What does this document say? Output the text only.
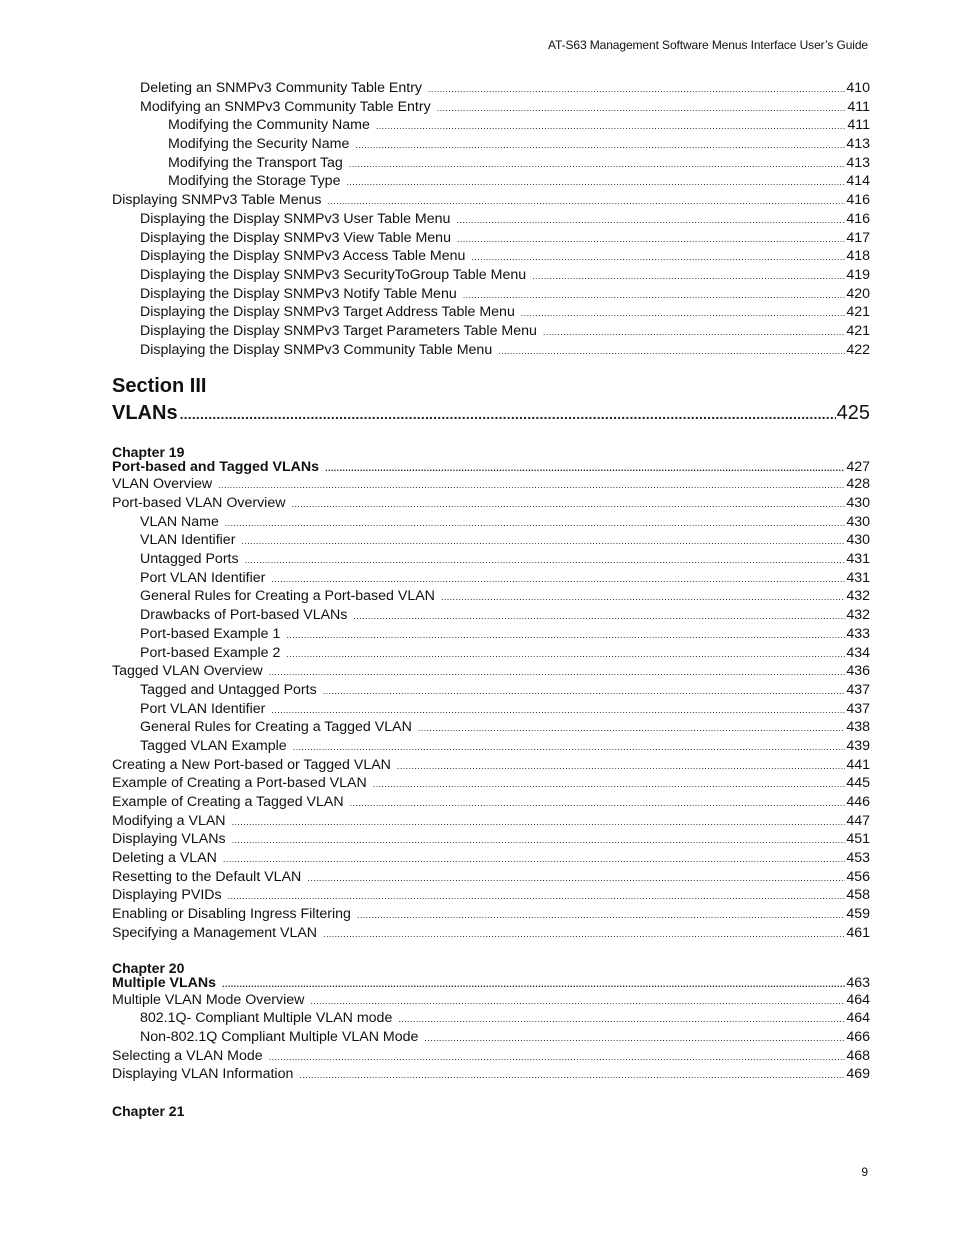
AT-S63 Management Software Menus Interface User’s Guide
Deleting an SNMPv3 Community Table Entry .....	410
Modifying an SNMPv3 Community Table Entry .....	411
Modifying the Community Name .....	411
Modifying the Security Name .....	413
Modifying the Transport Tag .....	413
Modifying the Storage Type .....	414
Displaying SNMPv3 Table Menus .....	416
Displaying the Display SNMPv3 User Table Menu .....	416
Displaying the Display SNMPv3 View Table Menu .....	417
Displaying the Display SNMPv3 Access Table Menu .....	418
Displaying the Display SNMPv3 SecurityToGroup Table Menu .....	419
Displaying the Display SNMPv3 Notify Table Menu .....	420
Displaying the Display SNMPv3 Target Address Table Menu .....	421
Displaying the Display SNMPv3 Target Parameters Table Menu .....	421
Displaying the Display SNMPv3 Community Table Menu .....	422
Section III
VLANs .....	425
Chapter 19
Port-based and Tagged VLANs .....	427
VLAN Overview .....	428
Port-based VLAN Overview .....	430
VLAN Name .....	430
VLAN Identifier .....	430
Untagged Ports .....	431
Port VLAN Identifier .....	431
General Rules for Creating a Port-based VLAN .....	432
Drawbacks of Port-based VLANs .....	432
Port-based Example 1 .....	433
Port-based Example 2 .....	434
Tagged VLAN Overview .....	436
Tagged and Untagged Ports .....	437
Port VLAN Identifier .....	437
General Rules for Creating a Tagged VLAN .....	438
Tagged VLAN Example .....	439
Creating a New Port-based or Tagged VLAN .....	441
Example of Creating a Port-based VLAN .....	445
Example of Creating a Tagged VLAN .....	446
Modifying a VLAN .....	447
Displaying VLANs .....	451
Deleting a VLAN .....	453
Resetting to the Default VLAN .....	456
Displaying PVIDs .....	458
Enabling or Disabling Ingress Filtering .....	459
Specifying a Management VLAN .....	461
Chapter 20
Multiple VLANs .....	463
Multiple VLAN Mode Overview .....	464
802.1Q- Compliant Multiple VLAN mode .....	464
Non-802.1Q Compliant Multiple VLAN Mode .....	466
Selecting a VLAN Mode .....	468
Displaying VLAN Information .....	469
Chapter 21
9
